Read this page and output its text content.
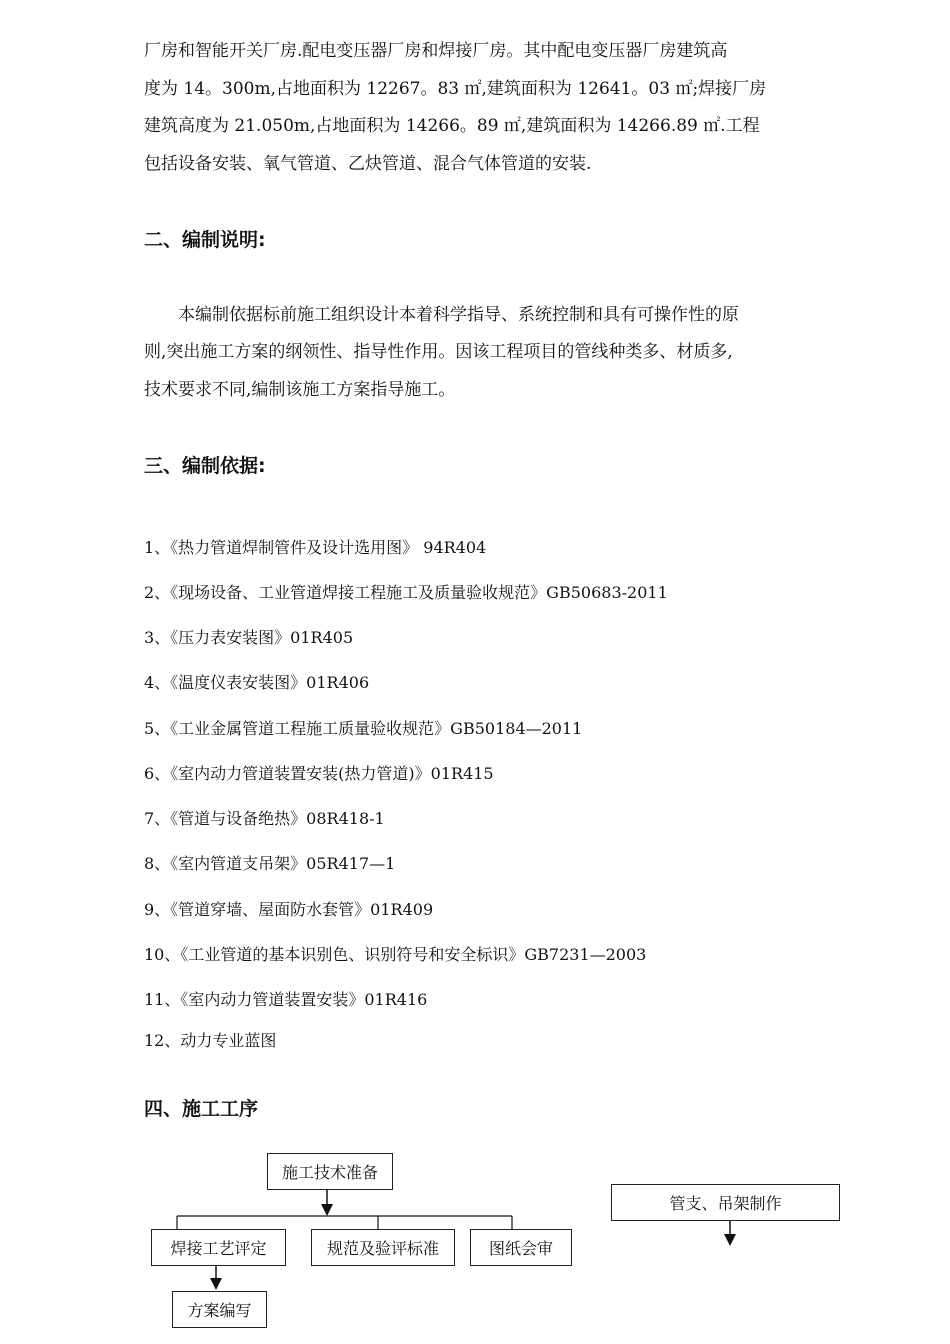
厂房和智能开关厂房.配电变压器厂房和焊接厂房。其中配电变压器厂房建筑高

度为 14。300m,占地面积为 12267。83 ㎡,建筑面积为 12641。03 ㎡;焊接厂房

建筑高度为 21.050m,占地面积为 14266。89 ㎡,建筑面积为 14266.89 ㎡.工程

包括设备安装、氧气管道、乙炔管道、混合气体管道的安装.

二、编制说明:

本编制依据标前施工组织设计本着科学指导、系统控制和具有可操作性的原

则,突出施工方案的纲领性、指导性作用。因该工程项目的管线种类多、材质多,

技术要求不同,编制该施工方案指导施工。

三、编制依据:

1、《热力管道焊制管件及设计选用图》 94R404

2、《现场设备、工业管道焊接工程施工及质量验收规范》GB50683-2011

3、《压力表安装图》01R405

4、《温度仪表安装图》01R406

5、《工业金属管道工程施工质量验收规范》GB50184—2011

6、《室内动力管道装置安装(热力管道)》01R415

7、《管道与设备绝热》08R418-1

8、《室内管道支吊架》05R417—1

9、《管道穿墙、屋面防水套管》01R409

10、《工业管道的基本识别色、识别符号和安全标识》GB7231—2003

11、《室内动力管道装置安装》01R416

12、动力专业蓝图

四、施工工序
施工技术准备
焊接工艺评定	规范及验评标准	图纸会审
方案编写
管支、吊架制作
